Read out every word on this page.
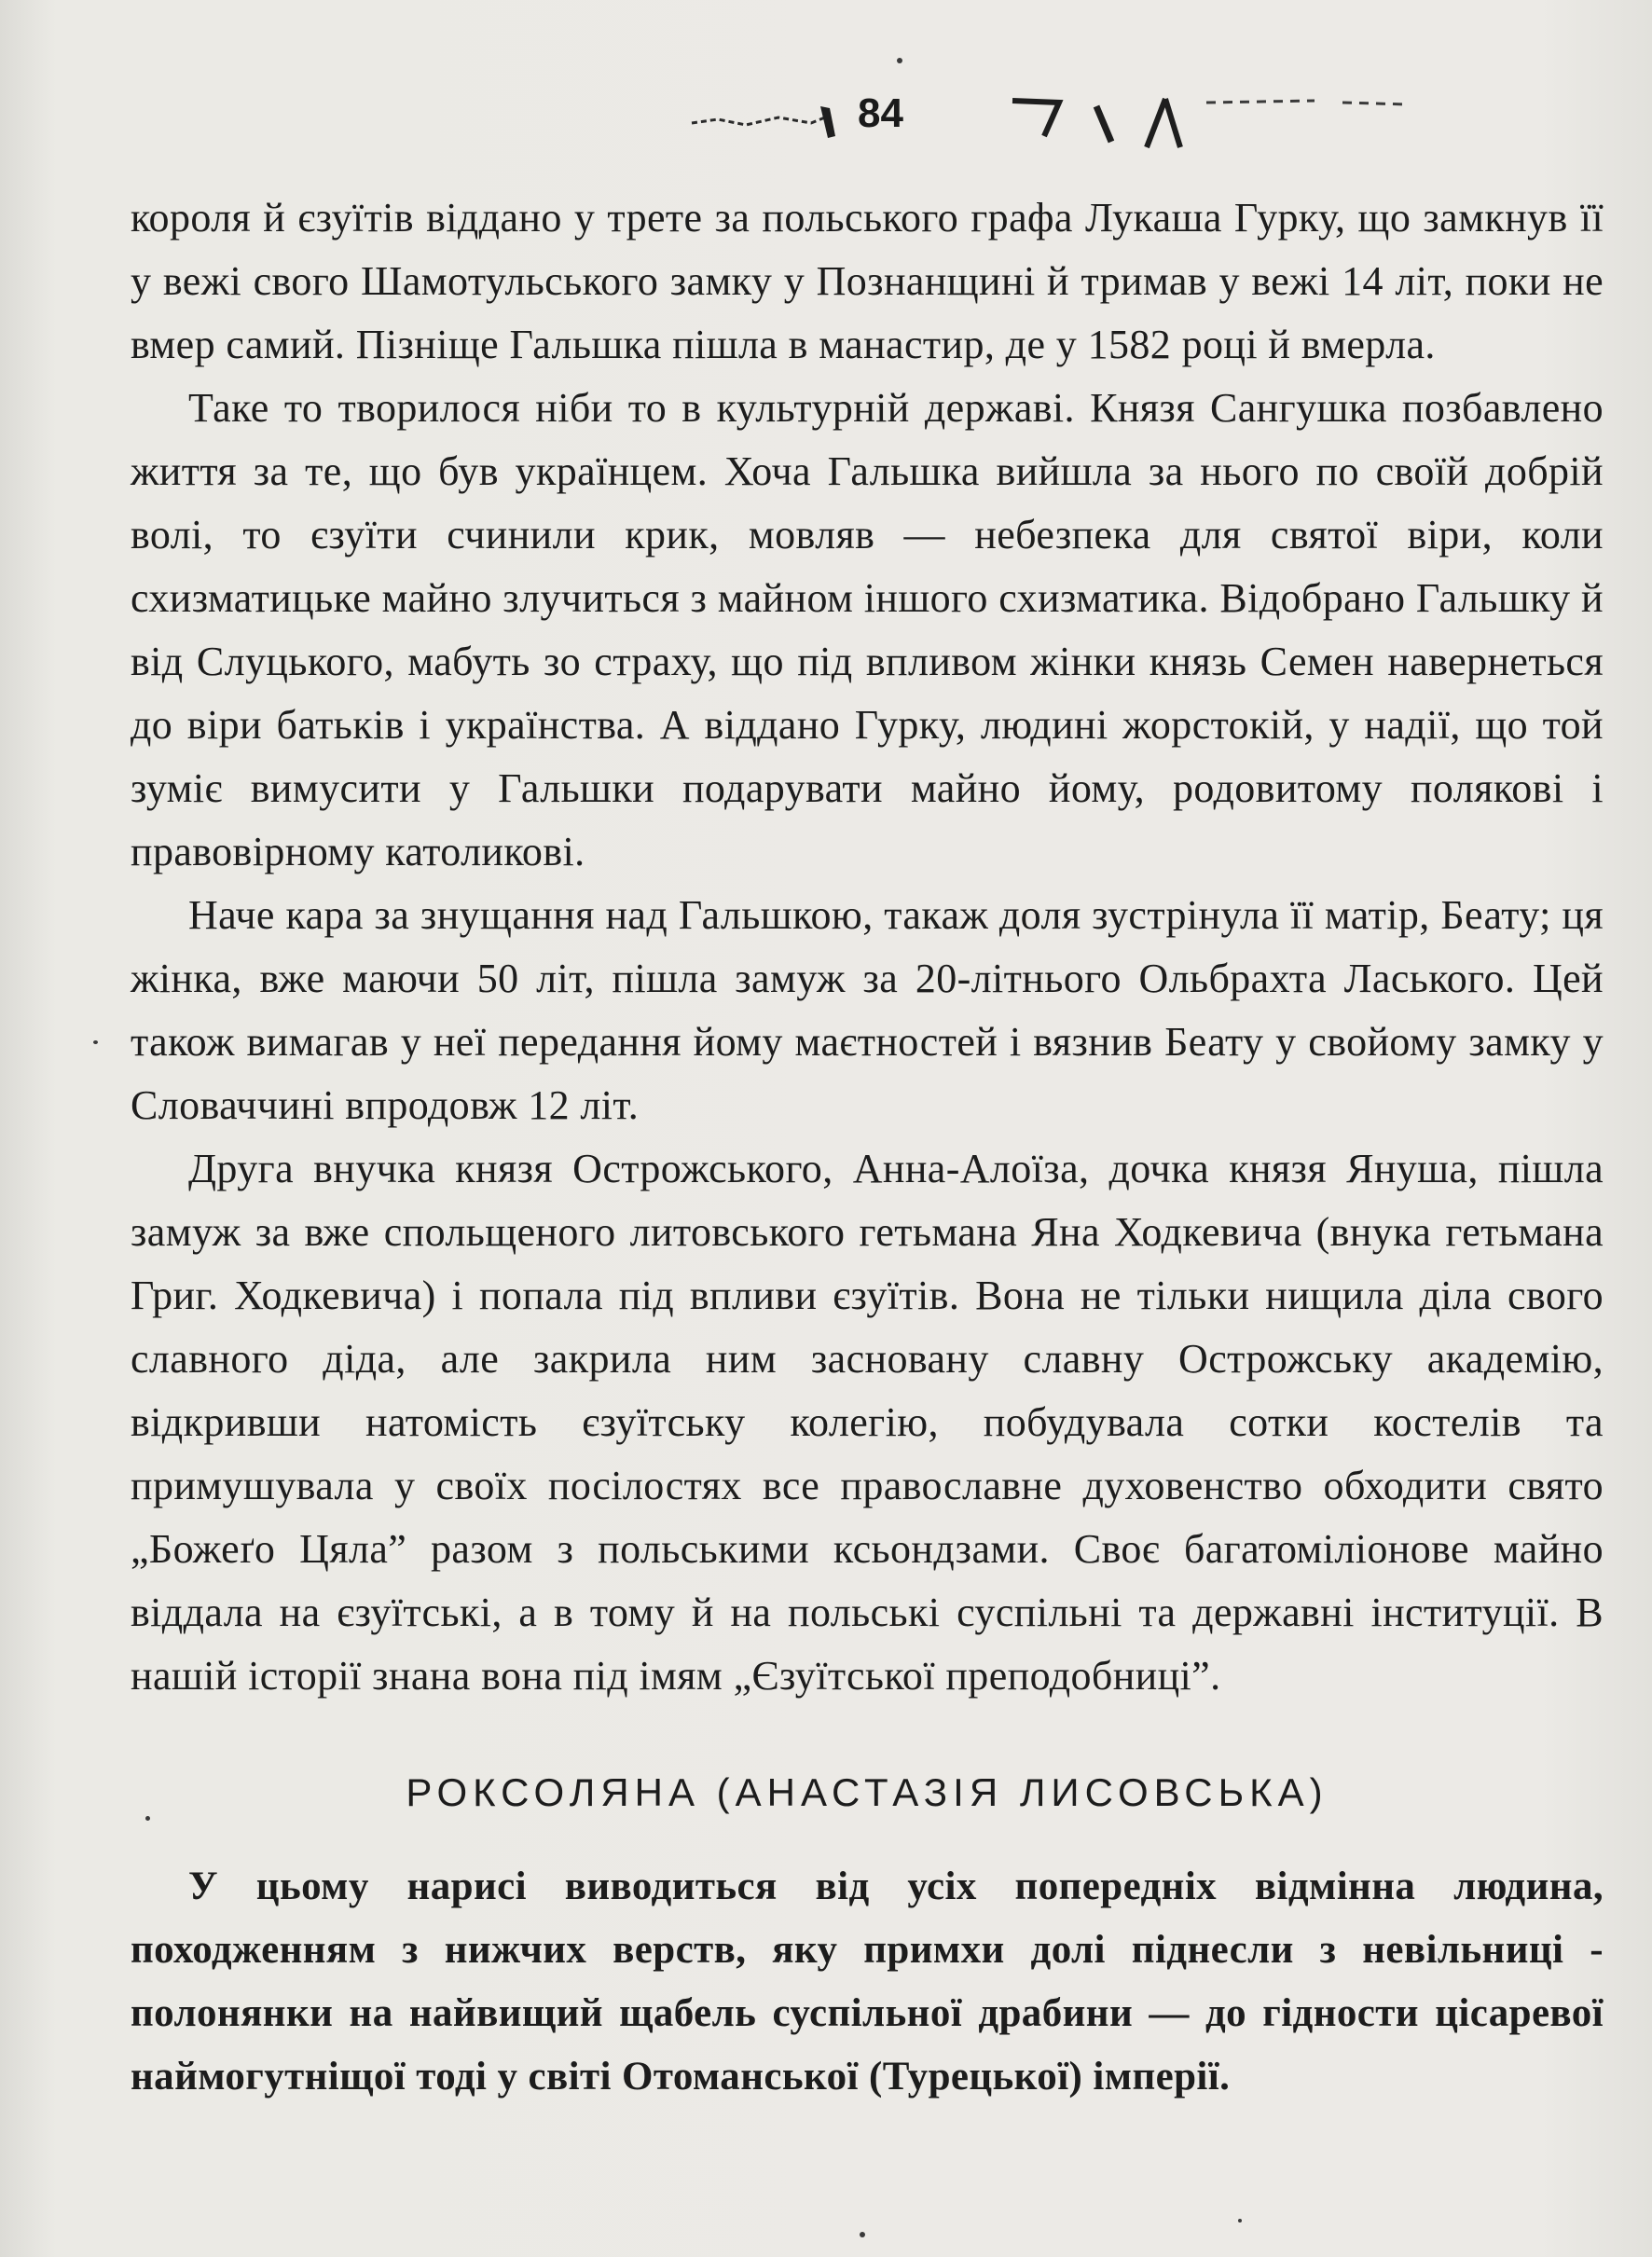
84

короля й єзуїтів віддано у трете за польського графа Лукаша Гурку, що замкнув її у вежі свого Шамотульського замку у Познанщині й тримав у вежі 14 літ, поки не вмер самий. Пізніще Гальшка пішла в манастир, де у 1582 році й вмерла.

Таке то творилося ніби то в культурній державі. Князя Сангушка позбавлено життя за те, що був українцем. Хоча Гальшка вийшла за нього по своїй добрій волі, то єзуїти счинили крик, мовляв — небезпека для святої віри, коли схизматицьке майно злучиться з майном іншого схизматика. Відобрано Гальшку й від Слуцького, мабуть зо страху, що під впливом жінки князь Семен навернеться до віри батьків і українства. А віддано Гурку, людині жорстокій, у надії, що той зуміє вимусити у Гальшки подарувати майно йому, родовитому полякові і правовірному католикові.

Наче кара за знущання над Гальшкою, такаж доля зустрінула її матір, Беату; ця жінка, вже маючи 50 літ, пішла замуж за 20-літнього Ольбрахта Ласького. Цей також вимагав у неї передання йому маєтностей і вязнив Беату у свойому замку у Словаччині впродовж 12 літ.

Друга внучка князя Острожського, Анна-Алоїза, дочка князя Януша, пішла замуж за вже спольщеного литовського гетьмана Яна Ходкевича (внука гетьмана Григ. Ходкевича) і попала під впливи єзуїтів. Вона не тільки нищила діла свого славного діда, але закрила ним засновану славну Острожську академію, відкривши натомість єзуїтську колегію, побудувала сотки костелів та примушувала у своїх посілостях все православне духовенство обходити свято „Божеґо Цяла” разом з польськими ксьондзами. Своє багатоміліонове майно віддала на єзуїтські, а в тому й на польські суспільні та державні інституції. В нашій історії знана вона під імям „Єзуїтської преподобниці”.

РОКСОЛЯНА (АНАСТАЗІЯ ЛИСОВСЬКА)

У цьому нарисі виводиться від усіх попередніх відмінна людина, походженням з нижчих верств, яку примхи долі піднесли з невільниці - полонянки на найвищий щабель суспільної драбини — до гідности цісаревої наймогутніщої тоді у світі Отоманської (Турецької) імперії.
